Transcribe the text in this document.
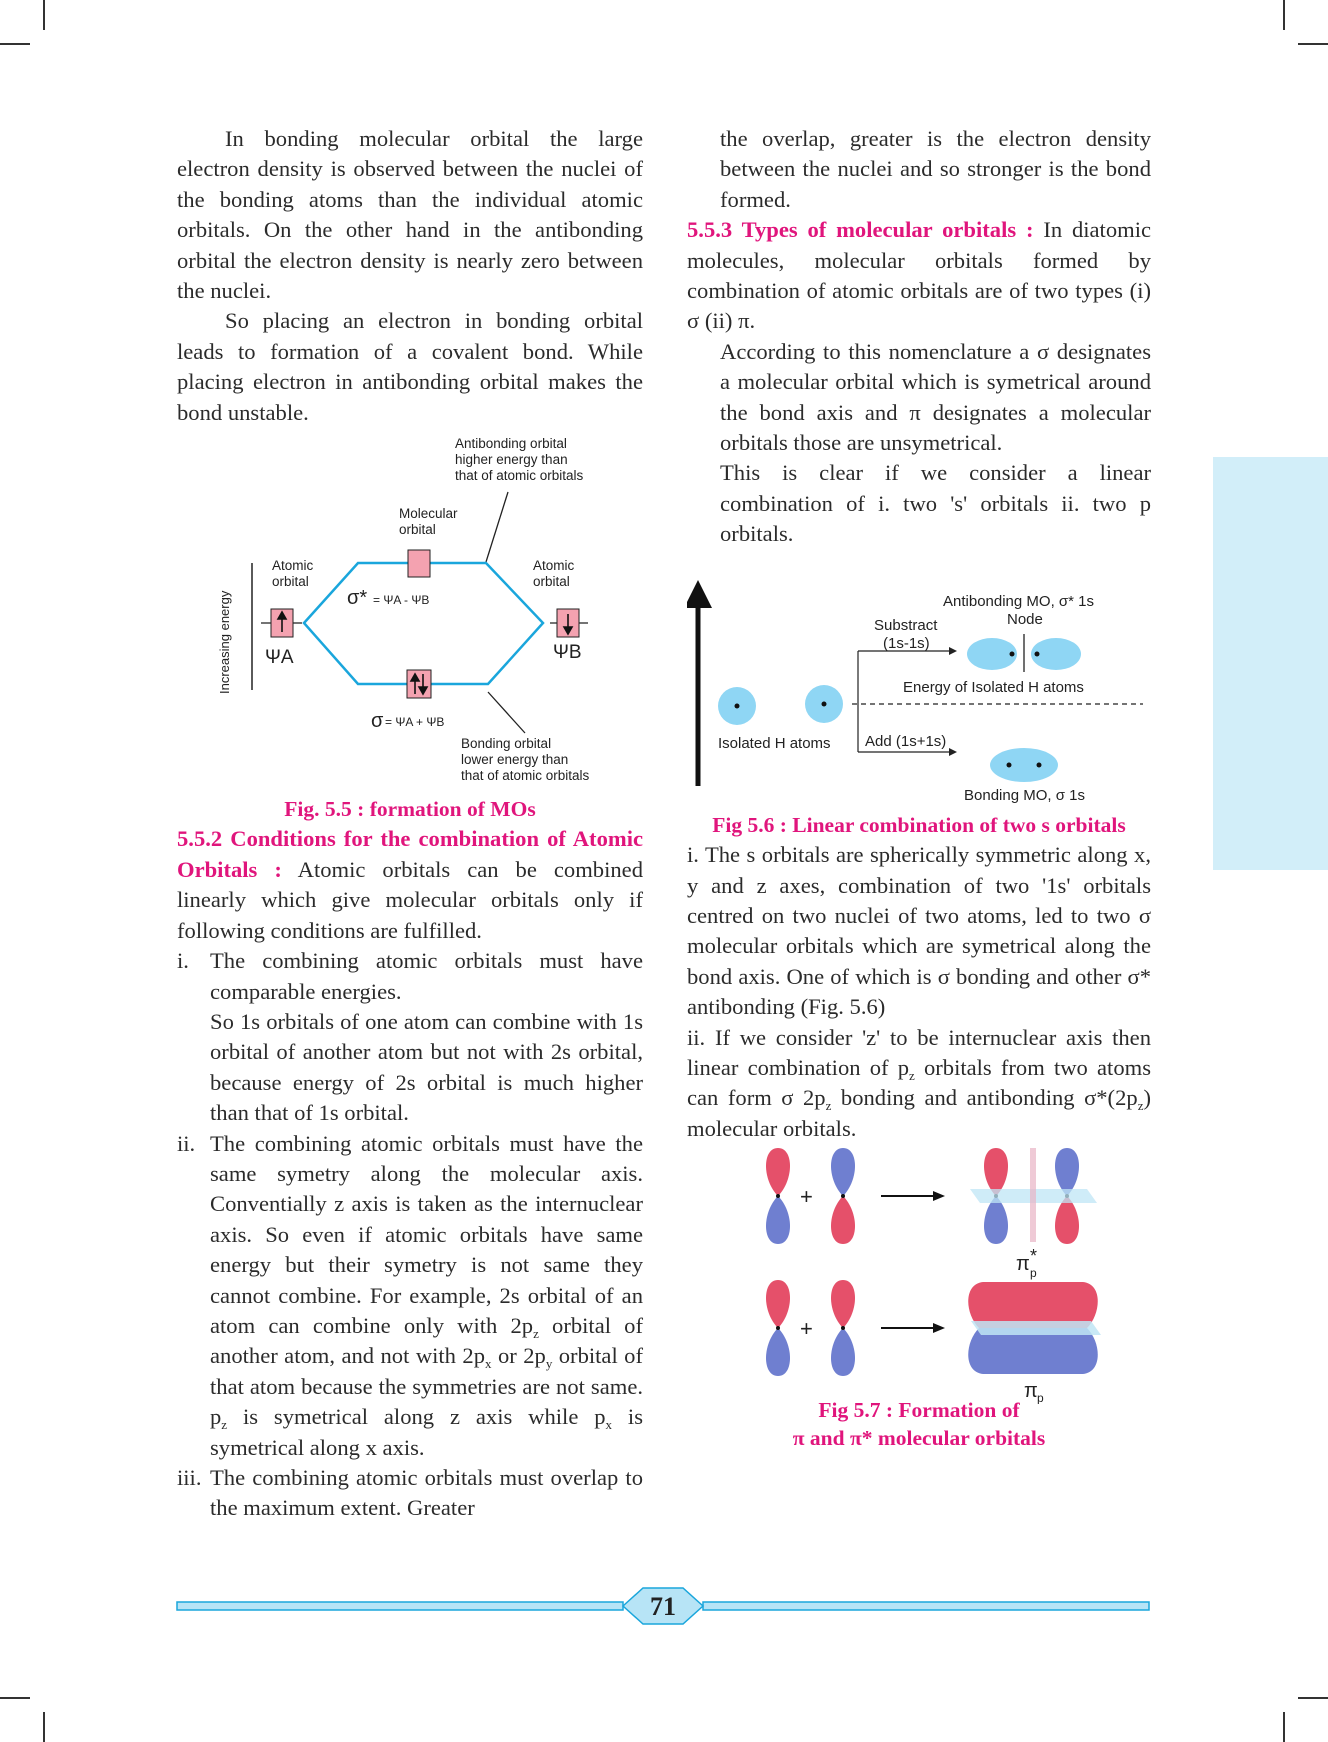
In bonding molecular orbital the large electron density is observed between the nuclei of the bonding atoms than the individual atomic orbitals. On the other hand in the antibonding orbital the electron density is nearly zero between the nuclei.

So placing an electron in bonding orbital leads to formation of a covalent bond. While placing electron in antibonding orbital makes the bond unstable.

Antibonding orbital
higher energy than
that of atomic orbitals
Molecular
orbital
Atomic
orbital
Atomic
orbital
Bonding orbital
lower energy than
that of atomic orbitals
Increasing energy ΨA	ΨB
σ* = ΨA - ΨB
σ = ΨA + ΨB

Fig. 5.5 : formation of MOs

5.5.2 Conditions for the combination of Atomic Orbitals : Atomic orbitals can be combined linearly which give molecular orbitals only if following conditions are fulfilled.

i. The combining atomic orbitals must have comparable energies.

So 1s orbitals of one atom can combine with 1s orbital of another atom but not with 2s orbital, because energy of 2s orbital is much higher than that of 1s orbital.

ii. The combining atomic orbitals must have the same symetry along the molecular axis. Conventially z axis is taken as the internuclear axis. So even if atomic orbitals have same energy but their symetry is not same they cannot combine. For example, 2s orbital of an atom can combine only with $2p_z$ orbital of another atom, and not with $2p_x$ or $2p_y$ orbital of that atom because the symmetries are not same. $p_z$ is symetrical along z axis while $p_x$ is symetrical along x axis.

iii. The combining atomic orbitals must overlap to the maximum extent. Greater

the overlap, greater is the electron density between the nuclei and so stronger is the bond formed.

5.5.3 Types of molecular orbitals : In diatomic molecules, molecular orbitals formed by combination of atomic orbitals are of two types (i) σ (ii) π.

According to this nomenclature a σ designates a molecular orbital which is symetrical around the bond axis and π designates a molecular orbitals those are unsymetrical.

This is clear if we consider a linear combination of i. two 's' orbitals ii. two p orbitals.

Antibonding MO, σ* 1s
Node
Substract
(1s-1s)
Energy of Isolated H atoms
Isolated H atoms Add (1s+1s)
Bonding MO, σ 1s

Fig 5.6 : Linear combination of two s orbitals

i. The s orbitals are spherically symmetric along x, y and z axes, combination of two '1s' orbitals centred on two nuclei of two atoms, led to two σ molecular orbitals which are symetrical along the bond axis. One of which is σ bonding and other σ* antibonding (Fig. 5.6)

ii. If we consider 'z' to be internuclear axis then linear combination of $p_z$ orbitals from two atoms can form σ $2p_z$ bonding and antibonding $\sigma*(2p_z)$ molecular orbitals.

+
π *
p
+
π p

Fig 5.7 : Formation of

π and π* molecular orbitals

71
